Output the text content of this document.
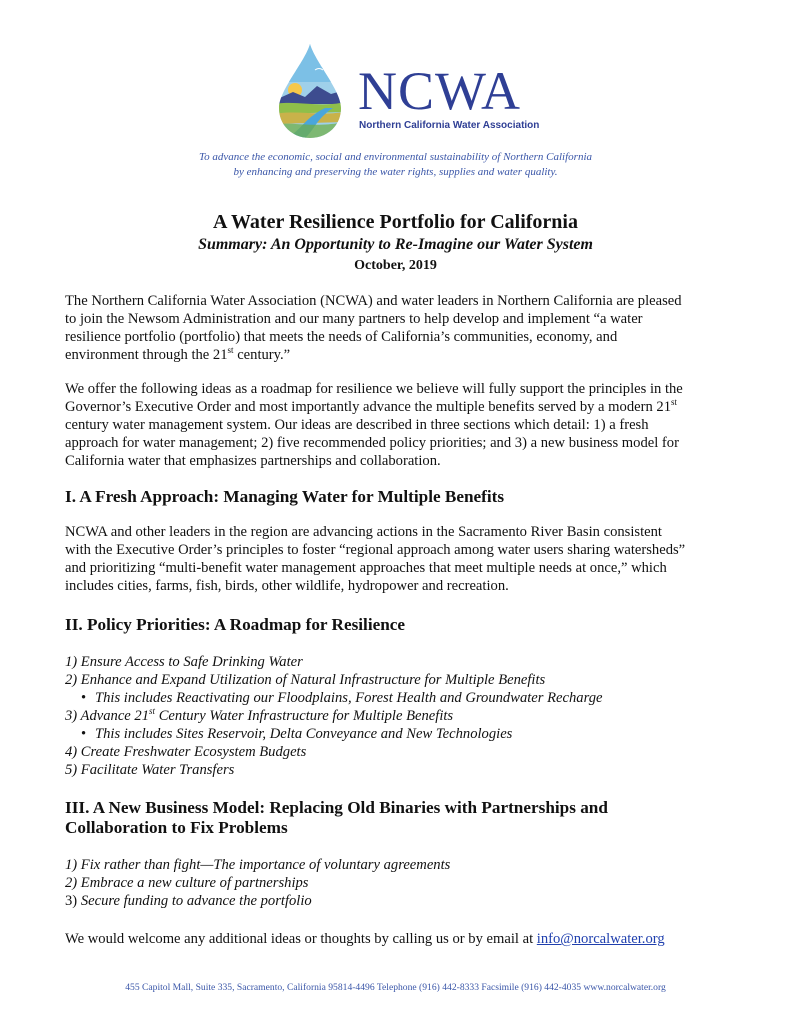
NCWA
Northern California Water Association
To advance the economic, social and environmental sustainability of Northern California
by enhancing and preserving the water rights, supplies and water quality.
A Water Resilience Portfolio for California
Summary: An Opportunity to Re-Imagine our Water System
October, 2019
The Northern California Water Association (NCWA) and water leaders in Northern California are pleased
to join the Newsom Administration and our many partners to help develop and implement “a water
resilience portfolio (portfolio) that meets the needs of California’s communities, economy, and
environment through the 21st century.”
We offer the following ideas as a roadmap for resilience we believe will fully support the principles in the
Governor’s Executive Order and most importantly advance the multiple benefits served by a modern 21st
century water management system. Our ideas are described in three sections which detail: 1) a fresh
approach for water management; 2) five recommended policy priorities; and 3) a new business model for
California water that emphasizes partnerships and collaboration.
I. A Fresh Approach: Managing Water for Multiple Benefits
NCWA and other leaders in the region are advancing actions in the Sacramento River Basin consistent
with the Executive Order’s principles to foster “regional approach among water users sharing watersheds”
and prioritizing “multi-benefit water management approaches that meet multiple needs at once,” which
includes cities, farms, fish, birds, other wildlife, hydropower and recreation.
II. Policy Priorities: A Roadmap for Resilience
1) Ensure Access to Safe Drinking Water
2) Enhance and Expand Utilization of Natural Infrastructure for Multiple Benefits
• This includes Reactivating our Floodplains, Forest Health and Groundwater Recharge
3) Advance 21st Century Water Infrastructure for Multiple Benefits
• This includes Sites Reservoir, Delta Conveyance and New Technologies
4) Create Freshwater Ecosystem Budgets
5) Facilitate Water Transfers
III. A New Business Model: Replacing Old Binaries with Partnerships and
Collaboration to Fix Problems
1) Fix rather than fight—The importance of voluntary agreements
2) Embrace a new culture of partnerships
3) Secure funding to advance the portfolio
We would welcome any additional ideas or thoughts by calling us or by email at info@norcalwater.org
455 Capitol Mall, Suite 335, Sacramento, California 95814-4496 Telephone (916) 442-8333 Facsimile (916) 442-4035 www.norcalwater.org
